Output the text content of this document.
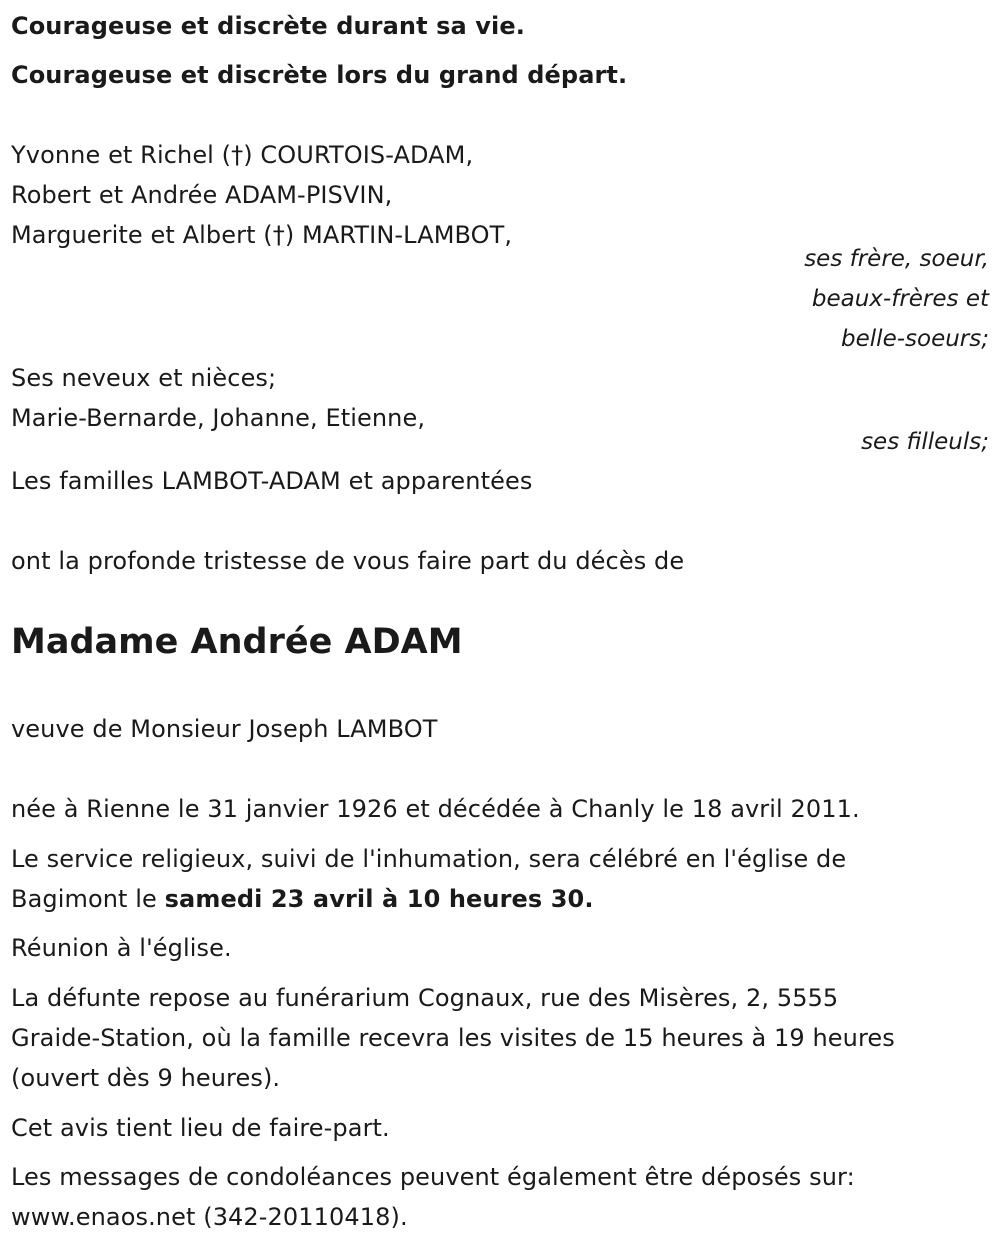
Courageuse et discrète durant sa vie.
Courageuse et discrète lors du grand départ.
Yvonne et Richel (†) COURTOIS-ADAM,
Robert et Andrée ADAM-PISVIN,
Marguerite et Albert (†) MARTIN-LAMBOT,
ses frère, soeur,
beaux-frères et
belle-soeurs;
Ses neveux et nièces;
Marie-Bernarde, Johanne, Etienne,
ses filleuls;
Les familles LAMBOT-ADAM et apparentées
ont la profonde tristesse de vous faire part du décès de
Madame Andrée ADAM
veuve de Monsieur Joseph LAMBOT
née à Rienne le 31 janvier 1926 et décédée à Chanly le 18 avril 2011.
Le service religieux, suivi de l'inhumation, sera célébré en l'église de
Bagimont le samedi 23 avril à 10 heures 30.
Réunion à l'église.
La défunte repose au funérarium Cognaux, rue des Misères, 2, 5555
Graide-Station, où la famille recevra les visites de 15 heures à 19 heures
(ouvert dès 9 heures).
Cet avis tient lieu de faire-part.
Les messages de condoléances peuvent également être déposés sur:
www.enaos.net (342-20110418).
